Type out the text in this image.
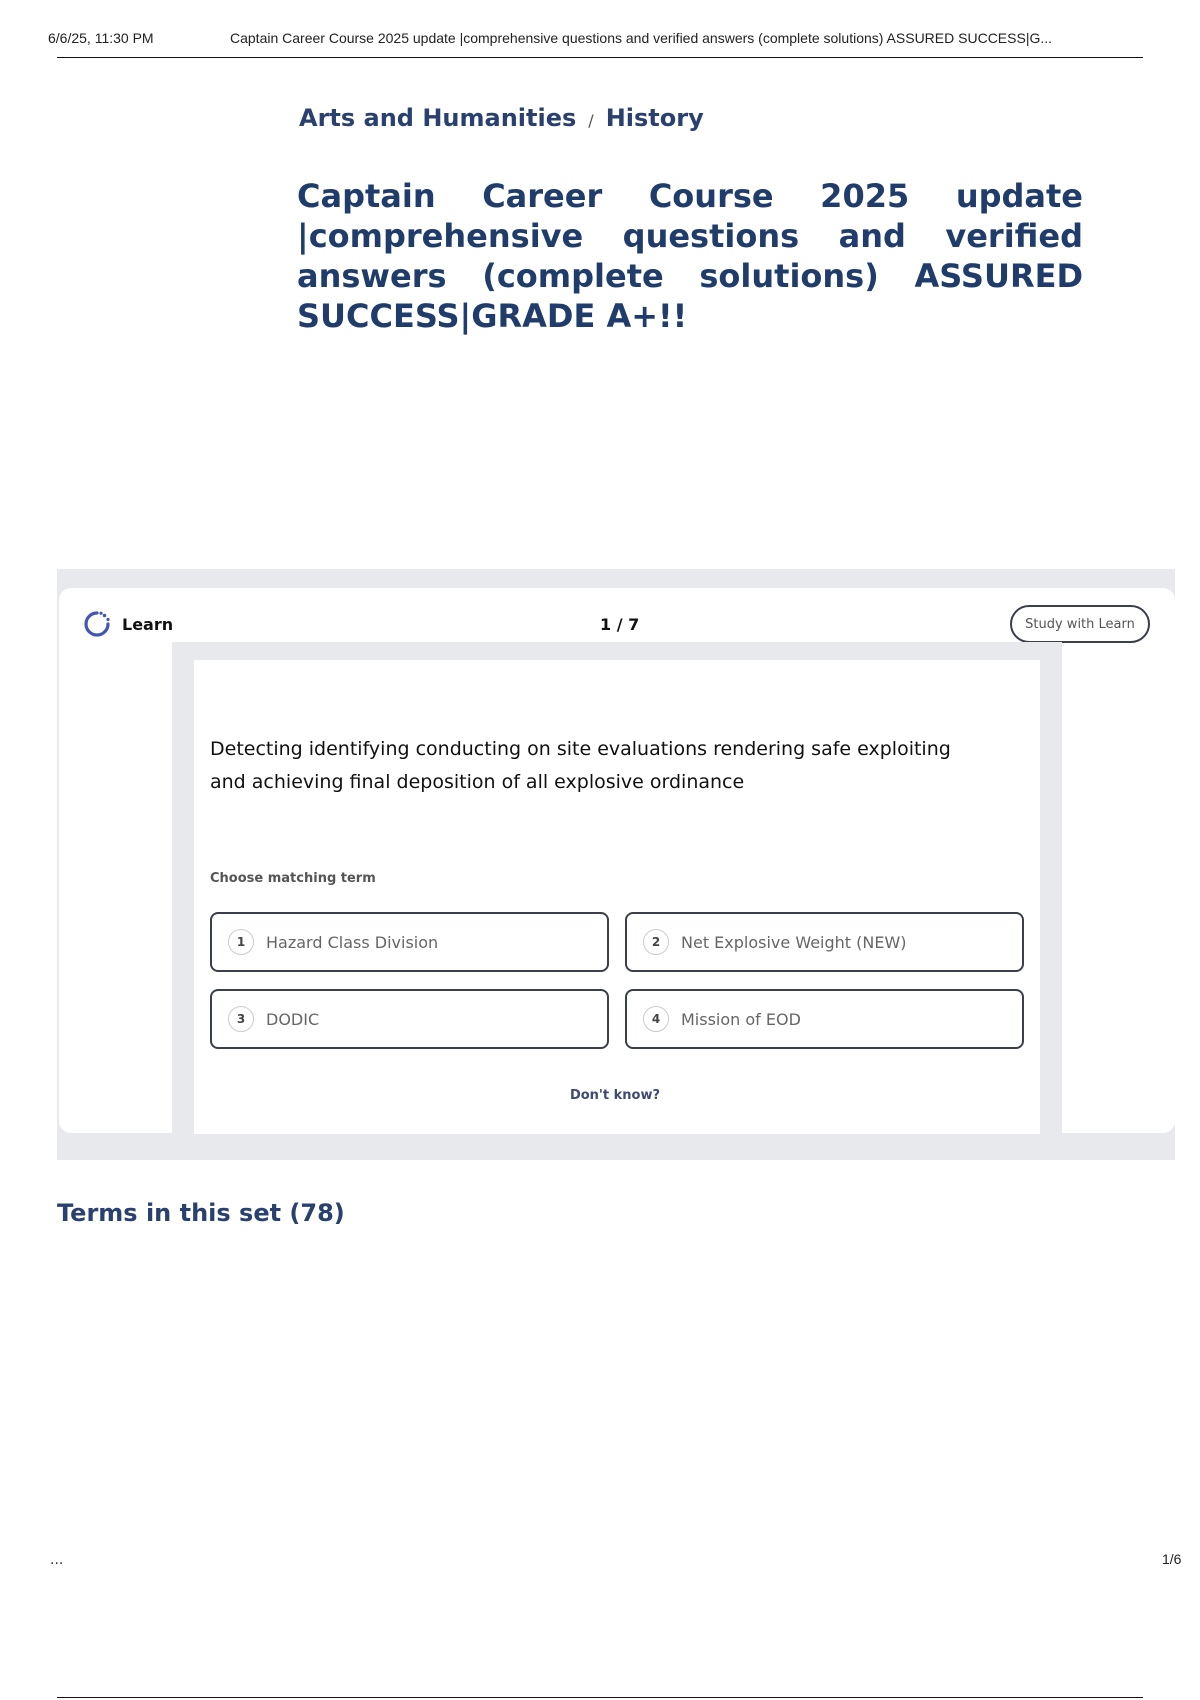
6/6/25, 11:30 PM	Captain Career Course 2025 update |comprehensive questions and verified answers (complete solutions) ASSURED SUCCESS|G...
Arts and Humanities / History
Captain Career Course 2025 update |comprehensive questions and verified answers (complete solutions) ASSURED SUCCESS|GRADE A+!!
Learn	1 / 7	Study with Learn

Detecting identifying conducting on site evaluations rendering safe exploiting and achieving final deposition of all explosive ordinance

Choose matching term
1	Hazard Class Division	2	Net Explosive Weight (NEW)
3	DODIC	4	Mission of EOD
Don't know?
Terms in this set (78)
...	1/6
